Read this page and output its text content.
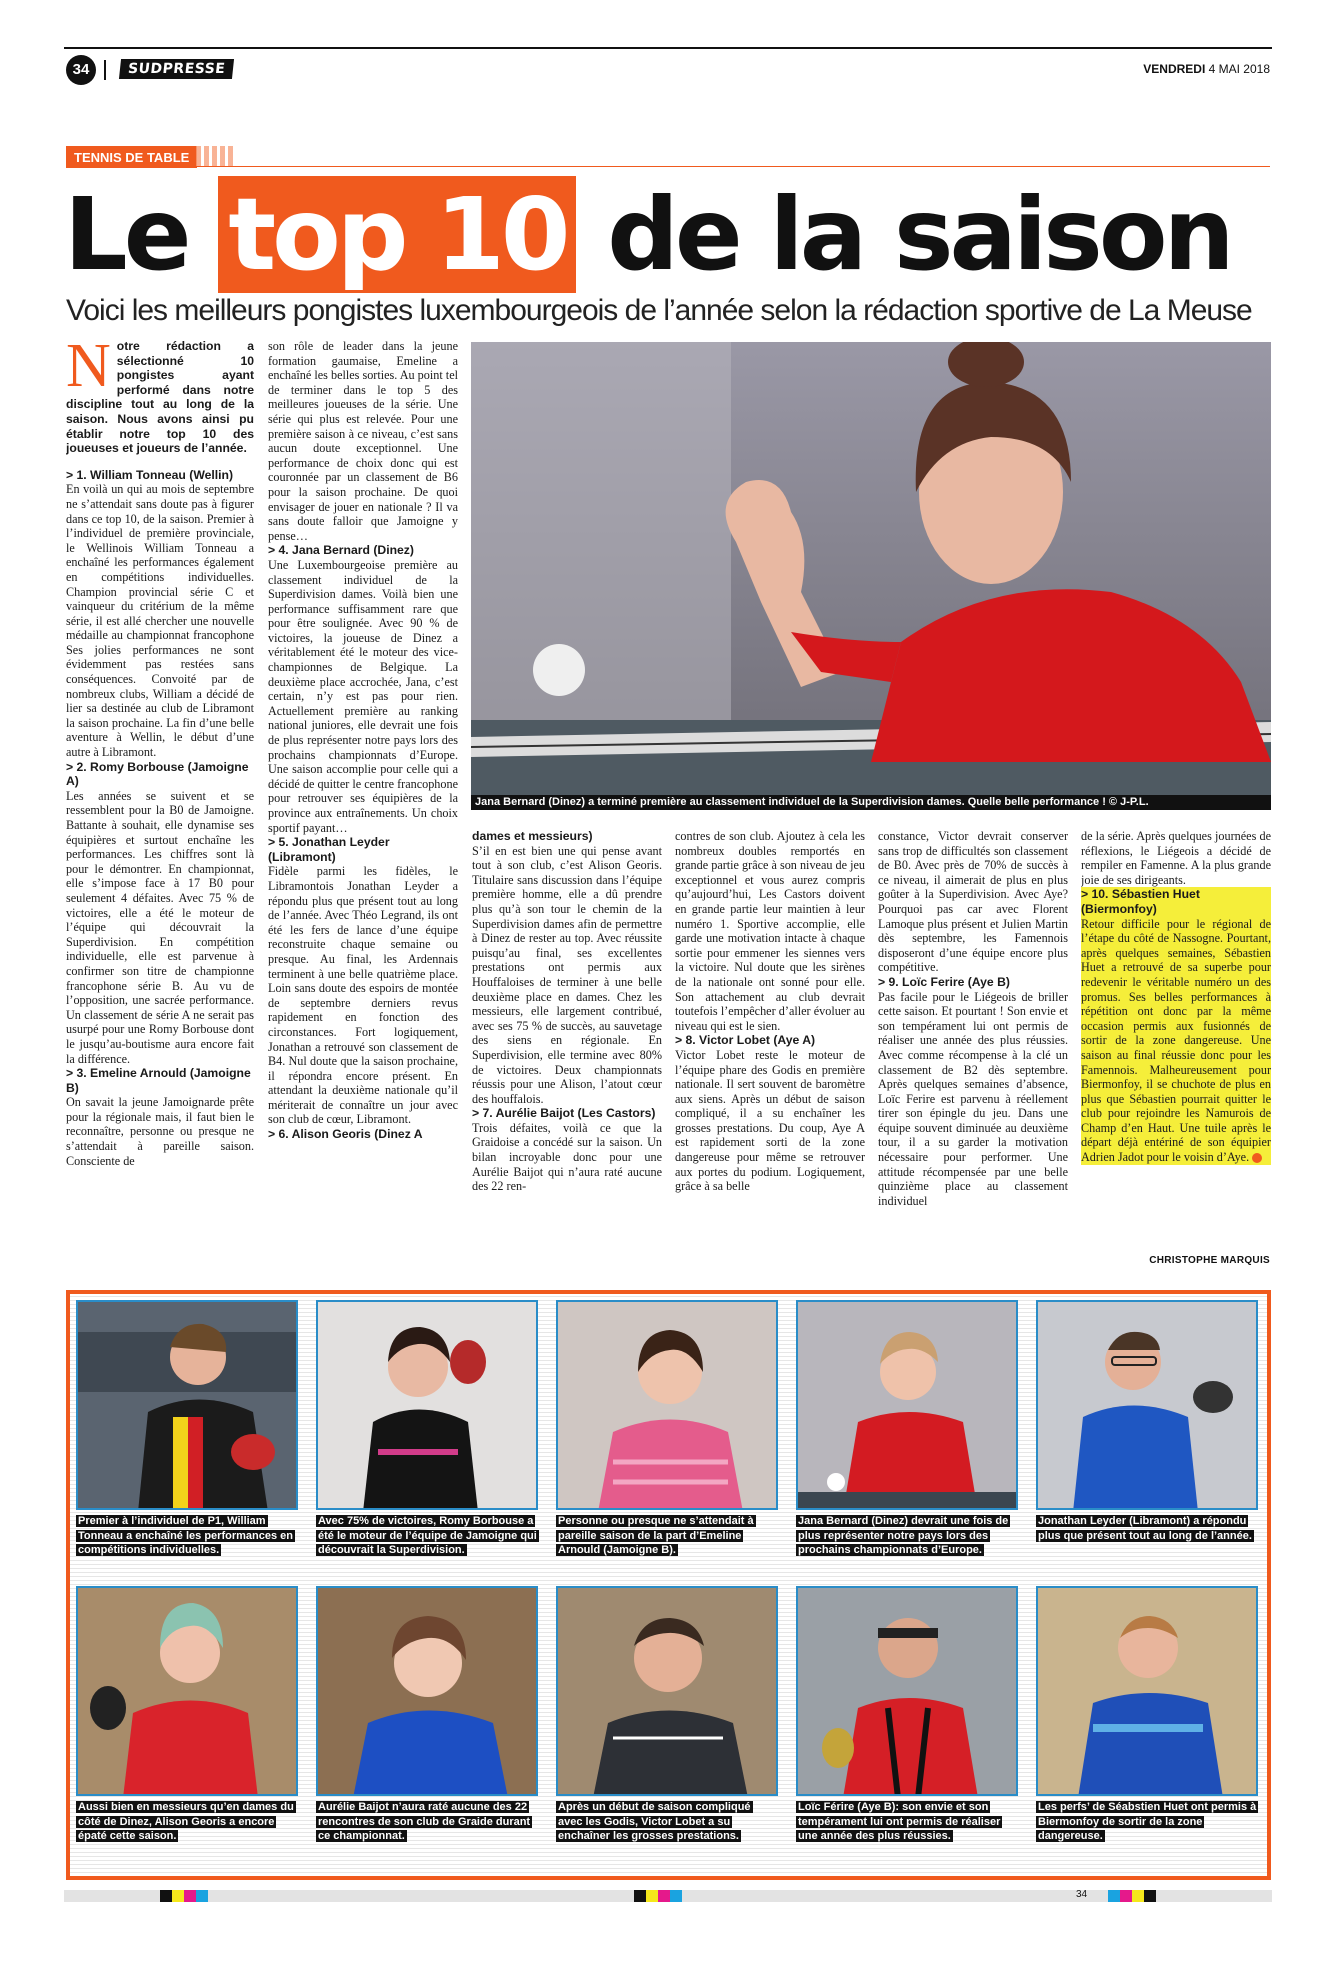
34	SUDPRESSE	VENDREDI 4 MAI 2018
TENNIS DE TABLE
Le top 10 de la saison
Voici les meilleurs pongistes luxembourgeois de l’année selon la rédaction sportive de La Meuse
Notre rédaction a sélectionné 10 pongistes ayant performé dans notre discipline tout au long de la saison. Nous avons ainsi pu établir notre top 10 des joueuses et joueurs de l’année.

> 1. William Tonneau (Wellin)

En voilà un qui au mois de septembre ne s’attendait sans doute pas à figurer dans ce top 10, de la saison. Premier à l’individuel de première provinciale, le Wellinois William Tonneau a enchaîné les performances également en compétitions individuelles. Champion provincial série C et vainqueur du critérium de la même série, il est allé chercher une nouvelle médaille au championnat francophone Ses jolies performances ne sont évidemment pas restées sans conséquences. Convoité par de nombreux clubs, William a décidé de lier sa destinée au club de Libramont la saison prochaine. La fin d’une belle aventure à Wellin, le début d’une autre à Libramont.

> 2. Romy Borbouse (Jamoigne A)

Les années se suivent et se ressemblent pour la B0 de Jamoigne. Battante à souhait, elle dynamise ses équipières et surtout enchaîne les performances. Les chiffres sont là pour le démontrer. En championnat, elle s’impose face à 17 B0 pour seulement 4 défaites. Avec 75 % de victoires, elle a été le moteur de l’équipe qui découvrait la Superdivision. En compétition individuelle, elle est parvenue à confirmer son titre de championne francophone série B. Au vu de l’opposition, une sacrée performance. Un classement de série A ne serait pas usurpé pour une Romy Borbouse dont le jusqu’au-boutisme aura encore fait la différence.

> 3. Emeline Arnould (Jamoigne B)

On savait la jeune Jamoignarde prête pour la régionale mais, il faut bien le reconnaître, personne ou presque ne s’attendait à pareille saison. Consciente de

son rôle de leader dans la jeune formation gaumaise, Emeline a enchaîné les belles sorties. Au point tel de terminer dans le top 5 des meilleures joueuses de la série. Une série qui plus est relevée. Pour une première saison à ce niveau, c’est sans aucun doute exceptionnel. Une performance de choix donc qui est couronnée par un classement de B6 pour la saison prochaine. De quoi envisager de jouer en nationale ? Il va sans doute falloir que Jamoigne y pense…

> 4. Jana Bernard (Dinez)

Une Luxembourgeoise première au classement individuel de la Superdivision dames. Voilà bien une performance suffisamment rare que pour être soulignée. Avec 90 % de victoires, la joueuse de Dinez a véritablement été le moteur des vice-championnes de Belgique. La deuxième place accrochée, Jana, c’est certain, n’y est pas pour rien. Actuellement première au ranking national juniores, elle devrait une fois de plus représenter notre pays lors des prochains championnats d’Europe. Une saison accomplie pour celle qui a décidé de quitter le centre francophone pour retrouver ses équipières de la province aux entraînements. Un choix sportif payant…

> 5. Jonathan Leyder (Libramont)

Fidèle parmi les fidèles, le Libramontois Jonathan Leyder a répondu plus que présent tout au long de l’année. Avec Théo Legrand, ils ont été les fers de lance d’une équipe reconstruite chaque semaine ou presque. Au final, les Ardennais terminent à une belle quatrième place. Loin sans doute des espoirs de montée de septembre derniers revus rapidement en fonction des circonstances. Fort logiquement, Jonathan a retrouvé son classement de B4. Nul doute que la saison prochaine, il répondra encore présent. En attendant la deuxième nationale qu’il mériterait de connaître un jour avec son club de cœur, Libramont.

> 6. Alison Georis (Dinez A

Jana Bernard (Dinez) a terminé première au classement individuel de la Superdivision dames. Quelle belle performance ! © J-P.L.

dames et messieurs)

S’il en est bien une qui pense avant tout à son club, c’est Alison Georis. Titulaire sans discussion dans l’équipe première homme, elle a dû prendre plus qu’à son tour le chemin de la Superdivision dames afin de permettre à Dinez de rester au top. Avec réussite puisqu’au final, ses excellentes prestations ont permis aux Houffaloises de terminer à une belle deuxième place en dames. Chez les messieurs, elle largement contribué, avec ses 75 % de succès, au sauvetage des siens en régionale. En Superdivision, elle termine avec 80% de victoires. Deux championnats réussis pour une Alison, l’atout cœur des houffalois.

> 7. Aurélie Baijot (Les Castors)

Trois défaites, voilà ce que la Graidoise a concédé sur la saison. Un bilan incroyable donc pour une Aurélie Baijot qui n’aura raté aucune des 22 ren-

contres de son club. Ajoutez à cela les nombreux doubles remportés en grande partie grâce à son niveau de jeu exceptionnel et vous aurez compris qu’aujourd’hui, Les Castors doivent en grande partie leur maintien à leur numéro 1. Sportive accomplie, elle garde une motivation intacte à chaque sortie pour emmener les siennes vers la victoire. Nul doute que les sirènes de la nationale ont sonné pour elle. Son attachement au club devrait toutefois l’empêcher d’aller évoluer au niveau qui est le sien.

> 8. Victor Lobet (Aye A)

Victor Lobet reste le moteur de l’équipe phare des Godis en première nationale. Il sert souvent de baromètre aux siens. Après un début de saison compliqué, il a su enchaîner les grosses prestations. Du coup, Aye A est rapidement sorti de la zone dangereuse pour même se retrouver aux portes du podium. Logiquement, grâce à sa belle

constance, Victor devrait conserver sans trop de difficultés son classement de B0. Avec près de 70% de succès à ce niveau, il aimerait de plus en plus goûter à la Superdivision. Avec Aye? Pourquoi pas car avec Florent Lamoque plus présent et Julien Martin dès septembre, les Famennois disposeront d’une équipe encore plus compétitive.

> 9. Loïc Ferire (Aye B)

Pas facile pour le Liégeois de briller cette saison. Et pourtant ! Son envie et son tempérament lui ont permis de réaliser une année des plus réussies. Avec comme récompense à la clé un classement de B2 dès septembre. Après quelques semaines d’absence, Loïc Ferire est parvenu à réellement tirer son épingle du jeu. Dans une équipe souvent diminuée au deuxième tour, il a su garder la motivation nécessaire pour performer. Une attitude récompensée par une belle quinzième place au classement individuel

de la série. Après quelques journées de réflexions, le Liégeois a décidé de rempiler en Famenne. A la plus grande joie de ses dirigeants.

> 10. Sébastien Huet (Biermonfoy)

Retour difficile pour le régional de l’étape du côté de Nassogne. Pourtant, après quelques semaines, Sébastien Huet a retrouvé de sa superbe pour redevenir le véritable numéro un des promus. Ses belles performances à répétition ont donc par la même occasion permis aux fusionnés de sortir de la zone dangereuse. Une saison au final réussie donc pour les Famennois. Malheureusement pour Biermonfoy, il se chuchote de plus en plus que Sébastien pourrait quitter le club pour rejoindre les Namurois de Champ d’en Haut. Une tuile après le départ déjà entériné de son équipier Adrien Jadot pour le voisin d’Aye.

CHRISTOPHE MARQUIS
Premier à l’individuel de P1, William Tonneau a enchaîné les performances en compétitions individuelles.
Avec 75% de victoires, Romy Borbouse a été le moteur de l’équipe de Jamoigne qui découvrait la Superdivision.
Personne ou presque ne s’attendait à pareille saison de la part d’Emeline Arnould (Jamoigne B).
Jana Bernard (Dinez) devrait une fois de plus représenter notre pays lors des prochains championnats d’Europe.
Jonathan Leyder (Libramont) a répondu plus que présent tout au long de l’année.
Aussi bien en messieurs qu’en dames du côté de Dinez, Alison Georis a encore épaté cette saison.
Aurélie Baijot n’aura raté aucune des 22 rencontres de son club de Graide durant ce championnat.
Après un début de saison compliqué avec les Godis, Victor Lobet a su enchaîner les grosses prestations.
Loïc Férire (Aye B): son envie et son tempérament lui ont permis de réaliser une année des plus réussies.
Les perfs’ de Séabstien Huet ont permis à Biermonfoy de sortir de la zone dangereuse.
34
